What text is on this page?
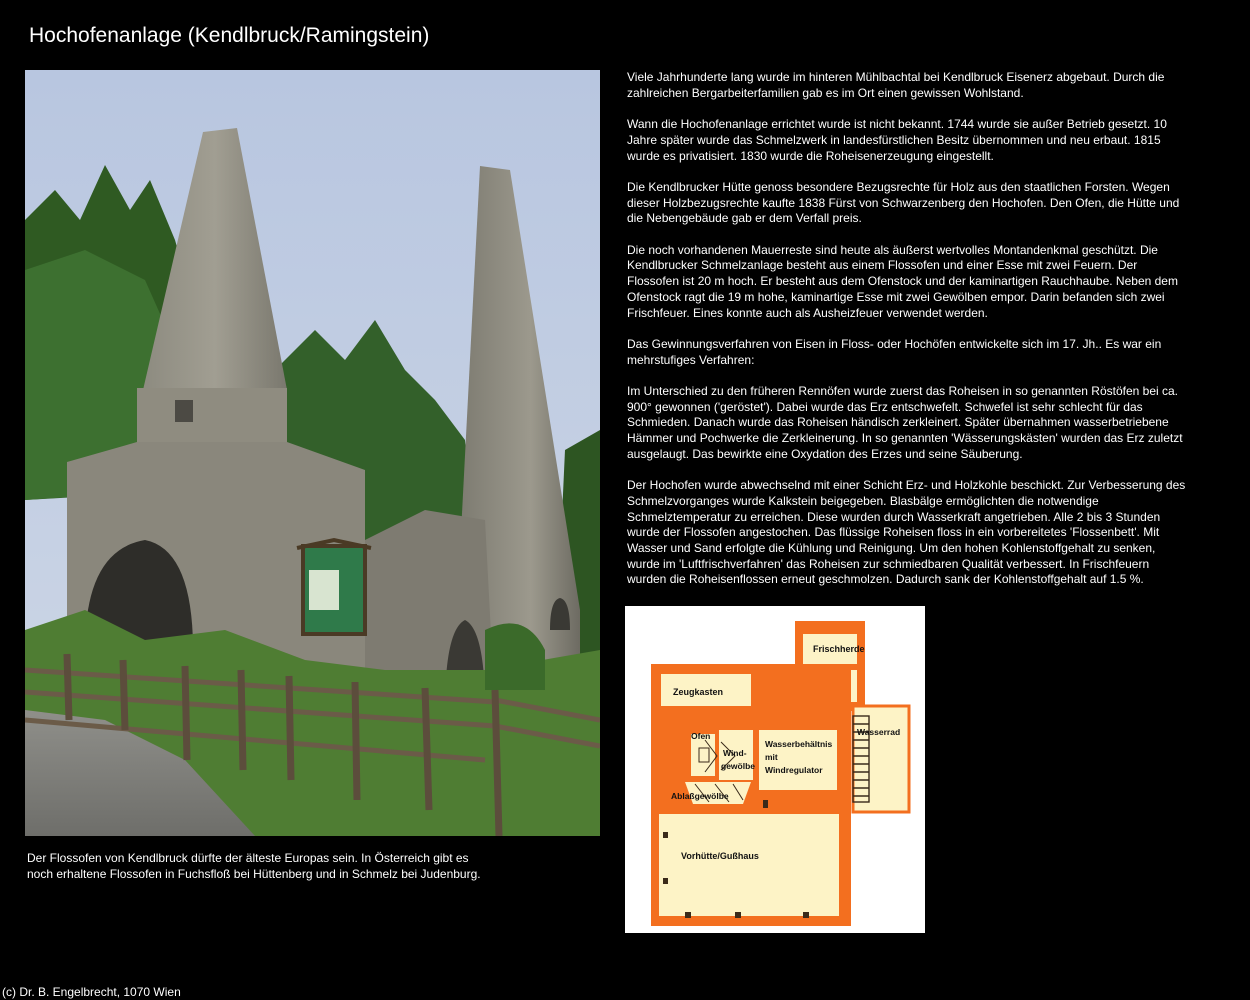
Hochofenanlage (Kendlbruck/Ramingstein)
Der Flossofen von Kendlbruck dürfte der älteste Europas sein. In Österreich gibt es noch erhaltene Flossofen in Fuchsfloß bei Hüttenberg und in Schmelz bei Judenburg.

Viele Jahrhunderte lang wurde im hinteren Mühlbachtal bei Kendlbruck Eisenerz abgebaut. Durch die zahlreichen Bergarbeiterfamilien gab es im Ort einen gewissen Wohlstand.

Wann die Hochofenanlage errichtet wurde ist nicht bekannt. 1744 wurde sie außer Betrieb gesetzt. 10 Jahre später wurde das Schmelzwerk in landesfürstlichen Besitz übernommen und neu erbaut. 1815 wurde es privatisiert. 1830 wurde die Roheisenerzeugung eingestellt.

Die Kendlbrucker Hütte genoss besondere Bezugsrechte für Holz aus den staatlichen Forsten. Wegen dieser Holzbezugsrechte kaufte 1838 Fürst von Schwarzenberg den Hochofen. Den Ofen, die Hütte und die Nebengebäude gab er dem Verfall preis.

Die noch vorhandenen Mauerreste sind heute als äußerst wertvolles Montandenkmal geschützt. Die Kendlbrucker Schmelzanlage besteht aus einem Flossofen und einer Esse mit zwei Feuern. Der Flossofen ist 20 m hoch. Er besteht aus dem Ofenstock und der kaminartigen Rauchhaube. Neben dem Ofenstock ragt die 19 m hohe, kaminartige Esse mit zwei Gewölben empor. Darin befanden sich zwei Frischfeuer. Eines konnte auch als Ausheizfeuer verwendet werden.

Das Gewinnungsverfahren von Eisen in Floss- oder Hochöfen entwickelte sich im 17. Jh.. Es war ein mehrstufiges Verfahren:

Im Unterschied zu den früheren Rennöfen wurde zuerst das Roheisen in so genannten Röstöfen bei ca. 900° gewonnen ('geröstet'). Dabei wurde das Erz entschwefelt. Schwefel ist sehr schlecht für das Schmieden. Danach wurde das Roheisen händisch zerkleinert. Später übernahmen wasserbetriebene Hämmer und Pochwerke die Zerkleinerung. In so genannten 'Wässerungskästen' wurden das Erz zuletzt ausgelaugt. Das bewirkte eine Oxydation des Erzes und seine Säuberung.

Der Hochofen wurde abwechselnd mit einer Schicht Erz- und Holzkohle beschickt. Zur Verbesserung des Schmelzvorganges wurde Kalkstein beigegeben. Blasbälge ermöglichten die notwendige Schmelztemperatur zu erreichen. Diese wurden durch Wasserkraft angetrieben. Alle 2 bis 3 Stunden wurde der Flossofen angestochen. Das flüssige Roheisen floss in ein vorbereitetes 'Flossenbett'. Mit Wasser und Sand erfolgte die Kühlung und Reinigung. Um den hohen Kohlenstoffgehalt zu senken, wurde im 'Luftfrischverfahren' das Roheisen zur schmiedbaren Qualität verbessert. In Frischfeuern wurden die Roheisenflossen erneut geschmolzen. Dadurch sank der Kohlenstoffgehalt auf 1.5 %.

Frischherde
Zeugkasten
Ofen
Wind-
gewölbe
Wasserbehältnis
mit
Windregulator
Wasserrad
Ablaßgewölbe
Vorhütte/Gußhaus
(c) Dr. B. Engelbrecht, 1070 Wien
